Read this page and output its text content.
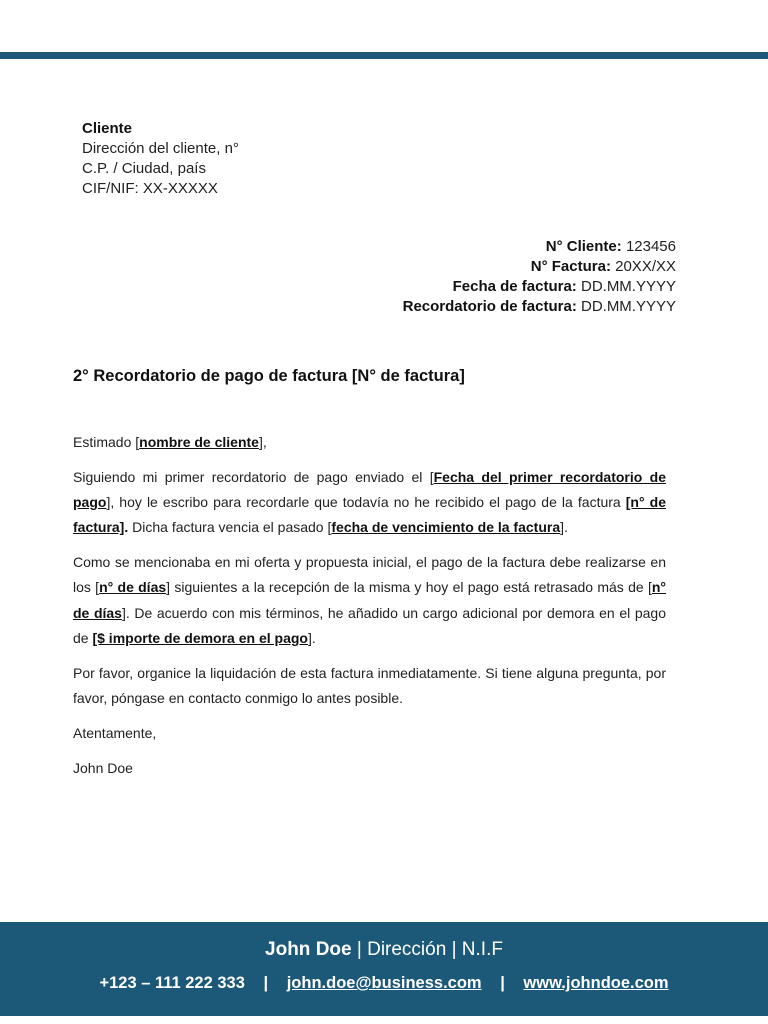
Cliente
Dirección del cliente, n°
C.P. / Ciudad, país
CIF/NIF: XX-XXXXX
N° Cliente: 123456
N° Factura: 20XX/XX
Fecha de factura: DD.MM.YYYY
Recordatorio de factura: DD.MM.YYYY
2° Recordatorio de pago de factura [N° de factura]

Estimado [nombre de cliente],

Siguiendo mi primer recordatorio de pago enviado el [Fecha del primer recordatorio de pago], hoy le escribo para recordarle que todavía no he recibido el pago de la factura [n° de factura]. Dicha factura vencia el pasado [fecha de vencimiento de la factura].

Como se mencionaba en mi oferta y propuesta inicial, el pago de la factura debe realizarse en los [n° de días] siguientes a la recepción de la misma y hoy el pago está retrasado más de [n° de días]. De acuerdo con mis términos, he añadido un cargo adicional por demora en el pago de [$ importe de demora en el pago].

Por favor, organice la liquidación de esta factura inmediatamente. Si tiene alguna pregunta, por favor, póngase en contacto conmigo lo antes posible.

Atentamente,

John Doe

John Doe | Dirección | N.I.F
+123 – 111 222 333 | john.doe@business.com | www.johndoe.com
